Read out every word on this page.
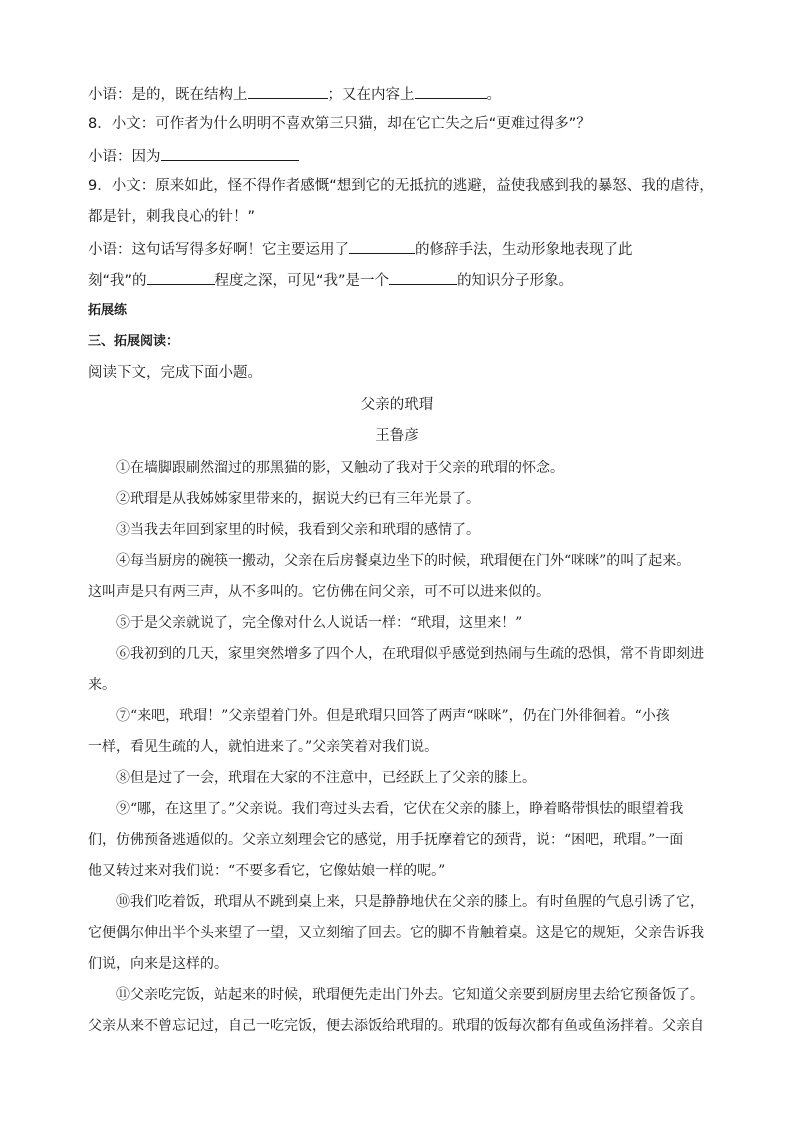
小语：是的，既在结构上	；又在内容上	。
8．小文：可作者为什么明明不喜欢第三只猫，却在它亡失之后“更难过得多”？
小语：因为
9．小文：原来如此，怪不得作者感慨“想到它的无抵抗的逃避，益使我感到我的暴怒、我的虐待，
都是针，刺我良心的针！”
小语：这句话写得多好啊！它主要运用了	的修辞手法，生动形象地表现了此
刻“我”的	程度之深，可见“我”是一个	的知识分子形象。
拓展练
三、拓展阅读：
阅读下文，完成下面小题。
父亲的玳瑁
王鲁彦
①在墙脚跟刷然溜过的那黑猫的影，又触动了我对于父亲的玳瑁的怀念。
②玳瑁是从我姊姊家里带来的，据说大约已有三年光景了。
③当我去年回到家里的时候，我看到父亲和玳瑁的感情了。
④每当厨房的碗筷一搬动，父亲在后房餐桌边坐下的时候，玳瑁便在门外“咪咪”的叫了起来。
这叫声是只有两三声，从不多叫的。它仿佛在问父亲，可不可以进来似的。
⑤于是父亲就说了，完全像对什么人说话一样：“玳瑁，这里来！”
⑥我初到的几天，家里突然增多了四个人，在玳瑁似乎感觉到热闹与生疏的恐惧，常不肯即刻进
来。
⑦“来吧，玳瑁！”父亲望着门外。但是玳瑁只回答了两声“咪咪”，仍在门外徘徊着。“小孩
一样，看见生疏的人，就怕进来了。”父亲笑着对我们说。
⑧但是过了一会，玳瑁在大家的不注意中，已经跃上了父亲的膝上。
⑨“哪，在这里了。”父亲说。我们弯过头去看，它伏在父亲的膝上，睁着略带惧怯的眼望着我
们，仿佛预备逃遁似的。父亲立刻理会它的感觉，用手抚摩着它的颈背，说：“困吧，玳瑁。”一面
他又转过来对我们说：“不要多看它，它像姑娘一样的呢。”
⑩我们吃着饭，玳瑁从不跳到桌上来，只是静静地伏在父亲的膝上。有时鱼腥的气息引诱了它，
它便偶尔伸出半个头来望了一望，又立刻缩了回去。它的脚不肯触着桌。这是它的规矩，父亲告诉我
们说，向来是这样的。
⑪父亲吃完饭，站起来的时候，玳瑁便先走出门外去。它知道父亲要到厨房里去给它预备饭了。
父亲从来不曾忘记过，自己一吃完饭，便去添饭给玳瑁的。玳瑁的饭每次都有鱼或鱼汤拌着。父亲自
